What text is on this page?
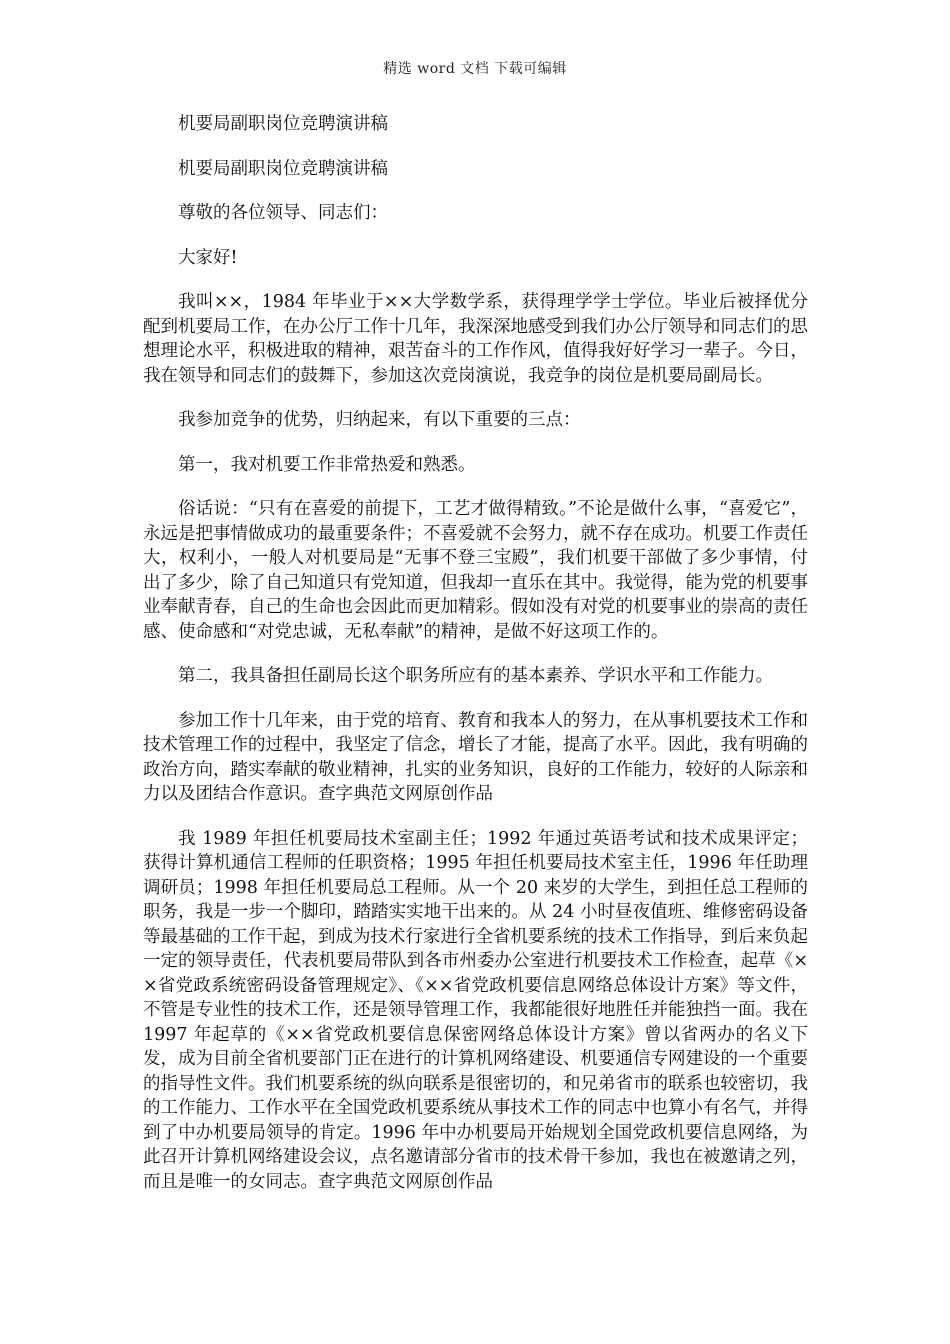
精选 word 文档 下载可编辑

机要局副职岗位竞聘演讲稿

机要局副职岗位竞聘演讲稿

尊敬的各位领导、同志们：

大家好!

我叫××，1984 年毕业于××大学数学系，获得理学学士学位。毕业后被择优分配到机要局工作，在办公厅工作十几年，我深深地感受到我们办公厅领导和同志们的思想理论水平，积极进取的精神，艰苦奋斗的工作作风，值得我好好学习一辈子。今日，我在领导和同志们的鼓舞下，参加这次竞岗演说，我竞争的岗位是机要局副局长。

我参加竞争的优势，归纳起来，有以下重要的三点：

第一，我对机要工作非常热爱和熟悉。

俗话说：“只有在喜爱的前提下，工艺才做得精致。”不论是做什么事，“喜爱它”，永远是把事情做成功的最重要条件；不喜爱就不会努力，就不存在成功。机要工作责任大，权利小，一般人对机要局是“无事不登三宝殿”，我们机要干部做了多少事情，付出了多少，除了自己知道只有党知道，但我却一直乐在其中。我觉得，能为党的机要事业奉献青春，自己的生命也会因此而更加精彩。假如没有对党的机要事业的崇高的责任感、使命感和“对党忠诚，无私奉献”的精神，是做不好这项工作的。

第二，我具备担任副局长这个职务所应有的基本素养、学识水平和工作能力。

参加工作十几年来，由于党的培育、教育和我本人的努力，在从事机要技术工作和技术管理工作的过程中，我坚定了信念，增长了才能，提高了水平。因此，我有明确的政治方向，踏实奉献的敬业精神，扎实的业务知识，良好的工作能力，较好的人际亲和力以及团结合作意识。查字典范文网原创作品

我 1989 年担任机要局技术室副主任；1992 年通过英语考试和技术成果评定；获得计算机通信工程师的任职资格；1995 年担任机要局技术室主任，1996 年任助理调研员；1998 年担任机要局总工程师。从一个 20 来岁的大学生，到担任总工程师的职务，我是一步一个脚印，踏踏实实地干出来的。从 24 小时昼夜值班、维修密码设备等最基础的工作干起，到成为技术行家进行全省机要系统的技术工作指导，到后来负起一定的领导责任，代表机要局带队到各市州委办公室进行机要技术工作检查，起草《××省党政系统密码设备管理规定》、《××省党政机要信息网络总体设计方案》等文件，不管是专业性的技术工作，还是领导管理工作，我都能很好地胜任并能独挡一面。我在 1997 年起草的《××省党政机要信息保密网络总体设计方案》曾以省两办的名义下发，成为目前全省机要部门正在进行的计算机网络建设、机要通信专网建设的一个重要的指导性文件。我们机要系统的纵向联系是很密切的，和兄弟省市的联系也较密切，我的工作能力、工作水平在全国党政机要系统从事技术工作的同志中也算小有名气，并得到了中办机要局领导的肯定。1996 年中办机要局开始规划全国党政机要信息网络，为此召开计算机网络建设会议，点名邀请部分省市的技术骨干参加，我也在被邀请之列，而且是唯一的女同志。查字典范文网原创作品
